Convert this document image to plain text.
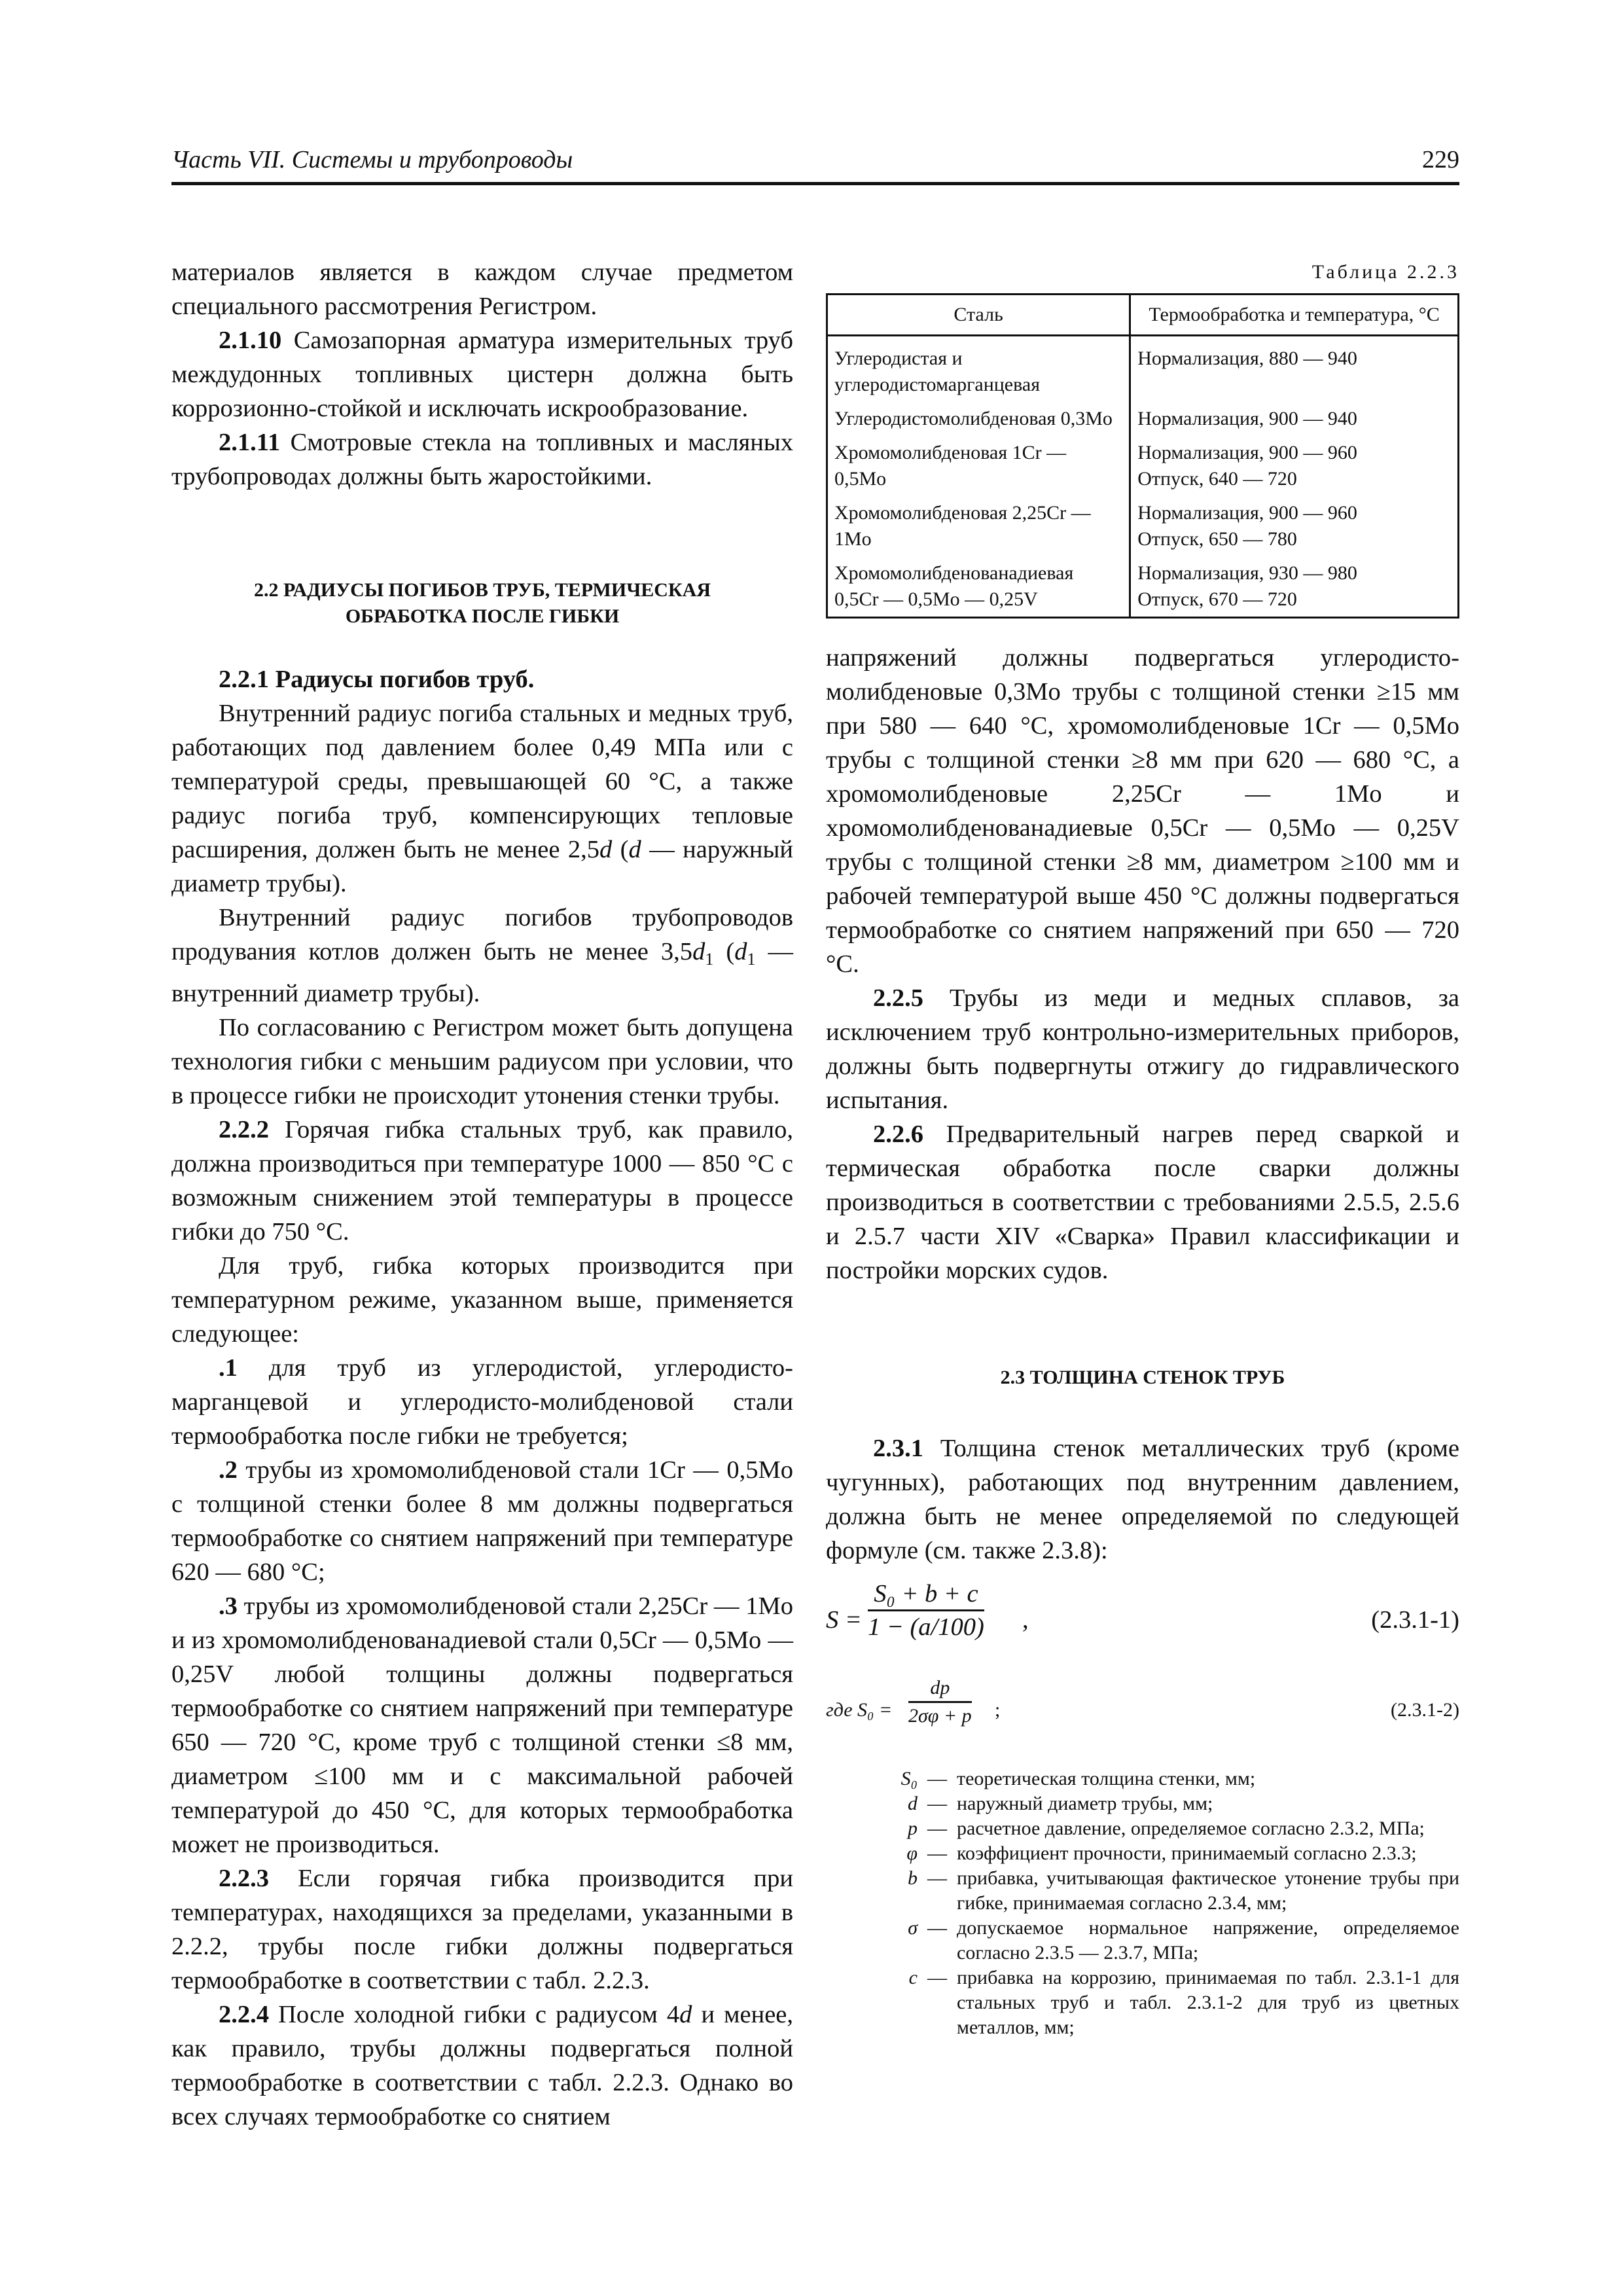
Часть VII. Системы и трубопроводы	229

материалов является в каждом случае предметом специального рассмотрения Регистром.

2.1.10 Самозапорная арматура измерительных труб междудонных топливных цистерн должна быть коррозионно-стойкой и исключать искрообразование.

2.1.11 Смотровые стекла на топливных и масляных трубопроводах должны быть жаростойкими.

2.2 РАДИУСЫ ПОГИБОВ ТРУБ, ТЕРМИЧЕСКАЯ ОБРАБОТКА ПОСЛЕ ГИБКИ

2.2.1 Радиусы погибов труб.

Внутренний радиус погиба стальных и медных труб, работающих под давлением более 0,49 МПа или с температурой среды, превышающей 60 °С, а также радиус погиба труб, компенсирующих тепловые расширения, должен быть не менее 2,5d (d — наружный диаметр трубы).

Внутренний радиус погибов трубопроводов продувания котлов должен быть не менее $3,5d_1$ ($d_1$ — внутренний диаметр трубы).

По согласованию с Регистром может быть допущена технология гибки с меньшим радиусом при условии, что в процессе гибки не происходит утонения стенки трубы.

2.2.2 Горячая гибка стальных труб, как правило, должна производиться при температуре 1000 — 850 °С с возможным снижением этой температуры в процессе гибки до 750 °С.

Для труб, гибка которых производится при температурном режиме, указанном выше, применяется следующее:

.1 для труб из углеродистой, углеродисто-марганцевой и углеродисто-молибденовой стали термообработка после гибки не требуется;

.2 трубы из хромомолибденовой стали 1Cr — 0,5Mo с толщиной стенки более 8 мм должны подвергаться термообработке со снятием напряжений при температуре 620 — 680 °С;

.3 трубы из хромомолибденовой стали 2,25Cr — 1Mo и из хромомолибденованадиевой стали 0,5Cr — 0,5Mo — 0,25V любой толщины должны подвергаться термообработке со снятием напряжений при температуре 650 — 720 °С, кроме труб с толщиной стенки ≤8 мм, диаметром ≤100 мм и с максимальной рабочей температурой до 450 °С, для которых термообработка может не производиться.

2.2.3 Если горячая гибка производится при температурах, находящихся за пределами, указанными в 2.2.2, трубы после гибки должны подвергаться термообработке в соответствии с табл. 2.2.3.

2.2.4 После холодной гибки с радиусом 4d и менее, как правило, трубы должны подвергаться полной термообработке в соответствии с табл. 2.2.3. Однако во всех случаях термообработке со снятием

Таблица 2.2.3
Сталь	Термообработка и температура, °С
Углеродистая и углеродистомарганцевая	Нормализация, 880 — 940
Углеродистомолибденовая 0,3Mo	Нормализация, 900 — 940
Хромомолибденовая 1Cr — 0,5Mo	Нормализация, 900 — 960
Отпуск, 640 — 720

Хромомолибденовая 2,25Cr — 1Mo	Нормализация, 900 — 960
Отпуск, 650 — 780

Хромомолибденованадиевая 0,5Cr — 0,5Mo — 0,25V	Нормализация, 930 — 980
Отпуск, 670 — 720

напряжений должны подвергаться углеродисто-молибденовые 0,3Mo трубы с толщиной стенки ≥15 мм при 580 — 640 °С, хромомолибденовые 1Cr — 0,5Mo трубы с толщиной стенки ≥8 мм при 620 — 680 °С, а хромомолибденовые 2,25Cr — 1Mo и хромомолибденованадиевые 0,5Cr — 0,5Mo — 0,25V трубы с толщиной стенки ≥8 мм, диаметром ≥100 мм и рабочей температурой выше 450 °С должны подвергаться термообработке со снятием напряжений при 650 — 720 °С.

2.2.5 Трубы из меди и медных сплавов, за исключением труб контрольно-измерительных приборов, должны быть подвергнуты отжигу до гидравлического испытания.

2.2.6 Предварительный нагрев перед сваркой и термическая обработка после сварки должны производиться в соответствии с требованиями 2.5.5, 2.5.6 и 2.5.7 части XIV «Сварка» Правил классификации и постройки морских судов.

2.3 ТОЛЩИНА СТЕНОК ТРУБ

2.3.1 Толщина стенок металлических труб (кроме чугунных), работающих под внутренним давлением, должна быть не менее определяемой по следующей формуле (см. также 2.3.8):

$S = \frac{\text{S₀ + b + c}}{1 - (a/100)}$ ,	(2.3.1-1)
где $S_0 = \frac{dp}{2\sigma\varphi + p}$ ;	(2.3.1-2)
S₀ — теоретическая толщина стенки, мм;
d — наружный диаметр трубы, мм;
p — расчетное давление, определяемое согласно 2.3.2, МПа;
φ — коэффициент прочности, принимаемый согласно 2.3.3;
b — прибавка, учитывающая фактическое утонение трубы при гибке, принимаемая согласно 2.3.4, мм;
σ — допускаемое нормальное напряжение, определяемое согласно 2.3.5 — 2.3.7, МПа;
c — прибавка на коррозию, принимаемая по табл. 2.3.1-1 для стальных труб и табл. 2.3.1-2 для труб из цветных металлов, мм;
